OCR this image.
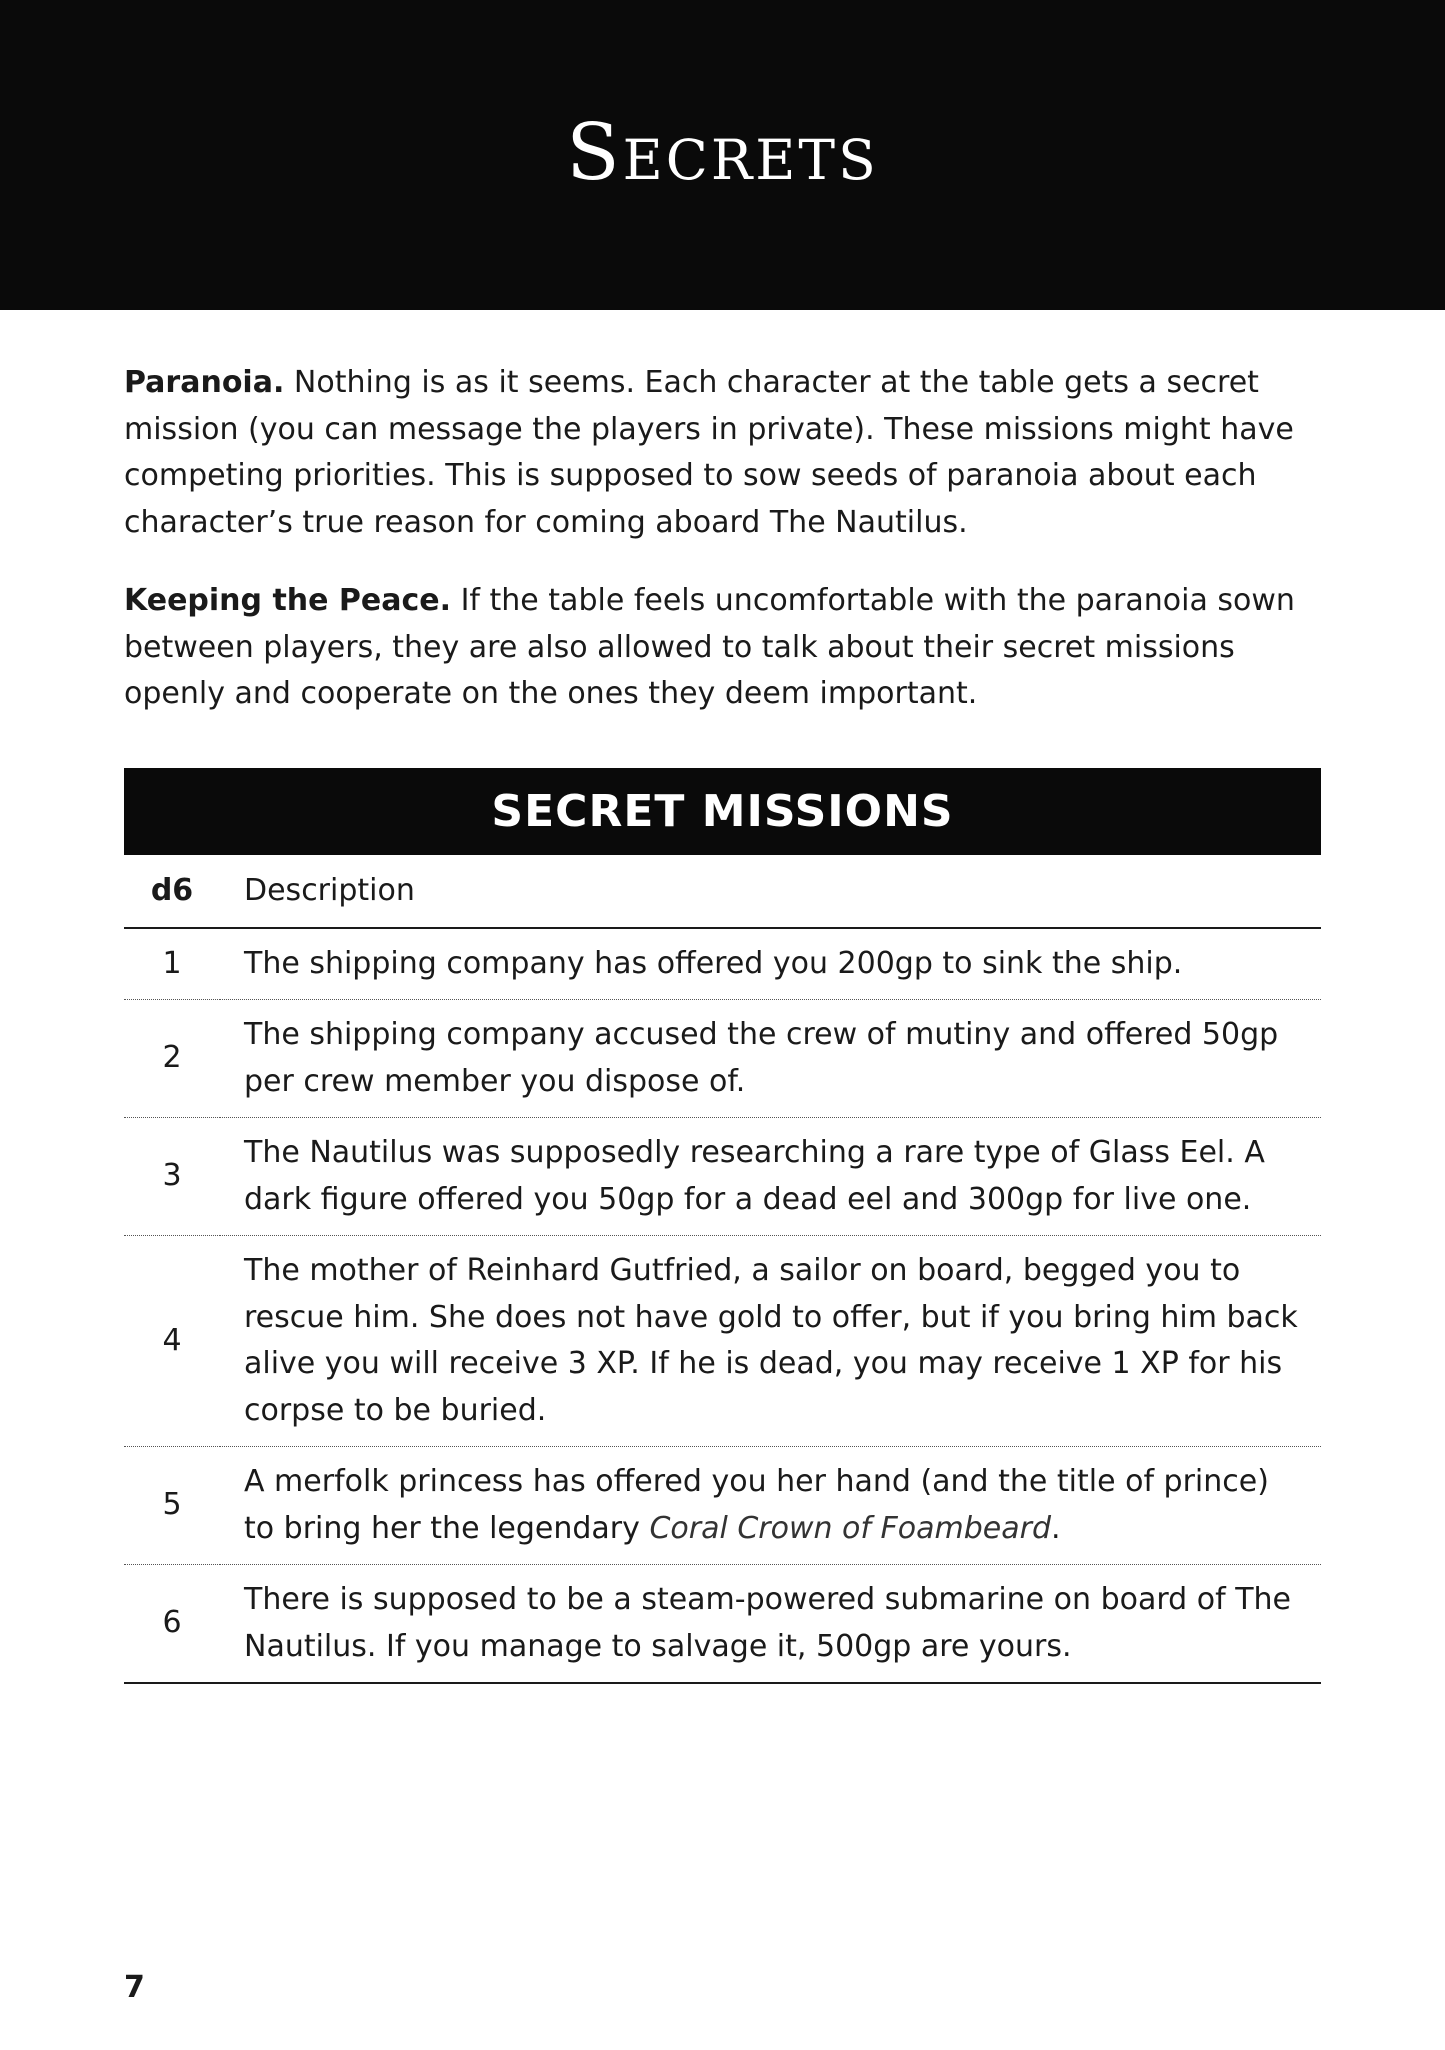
Secrets

Paranoia. Nothing is as it seems. Each character at the table gets a secret mission (you can message the players in private). These missions might have competing priorities. This is supposed to sow seeds of paranoia about each character’s true reason for coming aboard The Nautilus.

Keeping the Peace. If the table feels uncomfortable with the paranoia sown between players, they are also allowed to talk about their secret missions openly and cooperate on the ones they deem important.

SECRET MISSIONS
d6	Description
1	The shipping company has offered you 200gp to sink the ship.
2	The shipping company accused the crew of mutiny and offered 50gp per crew member you dispose of.
3	The Nautilus was supposedly researching a rare type of Glass Eel. A dark figure offered you 50gp for a dead eel and 300gp for live one.
4	The mother of Reinhard Gutfried, a sailor on board, begged you to rescue him. She does not have gold to offer, but if you bring him back alive you will receive 3 XP. If he is dead, you may receive 1 XP for his corpse to be buried.
5	A merfolk princess has offered you her hand (and the title of prince) to bring her the legendary Coral Crown of Foambeard.
6	There is supposed to be a steam-powered submarine on board of The Nautilus. If you manage to salvage it, 500gp are yours.
7
